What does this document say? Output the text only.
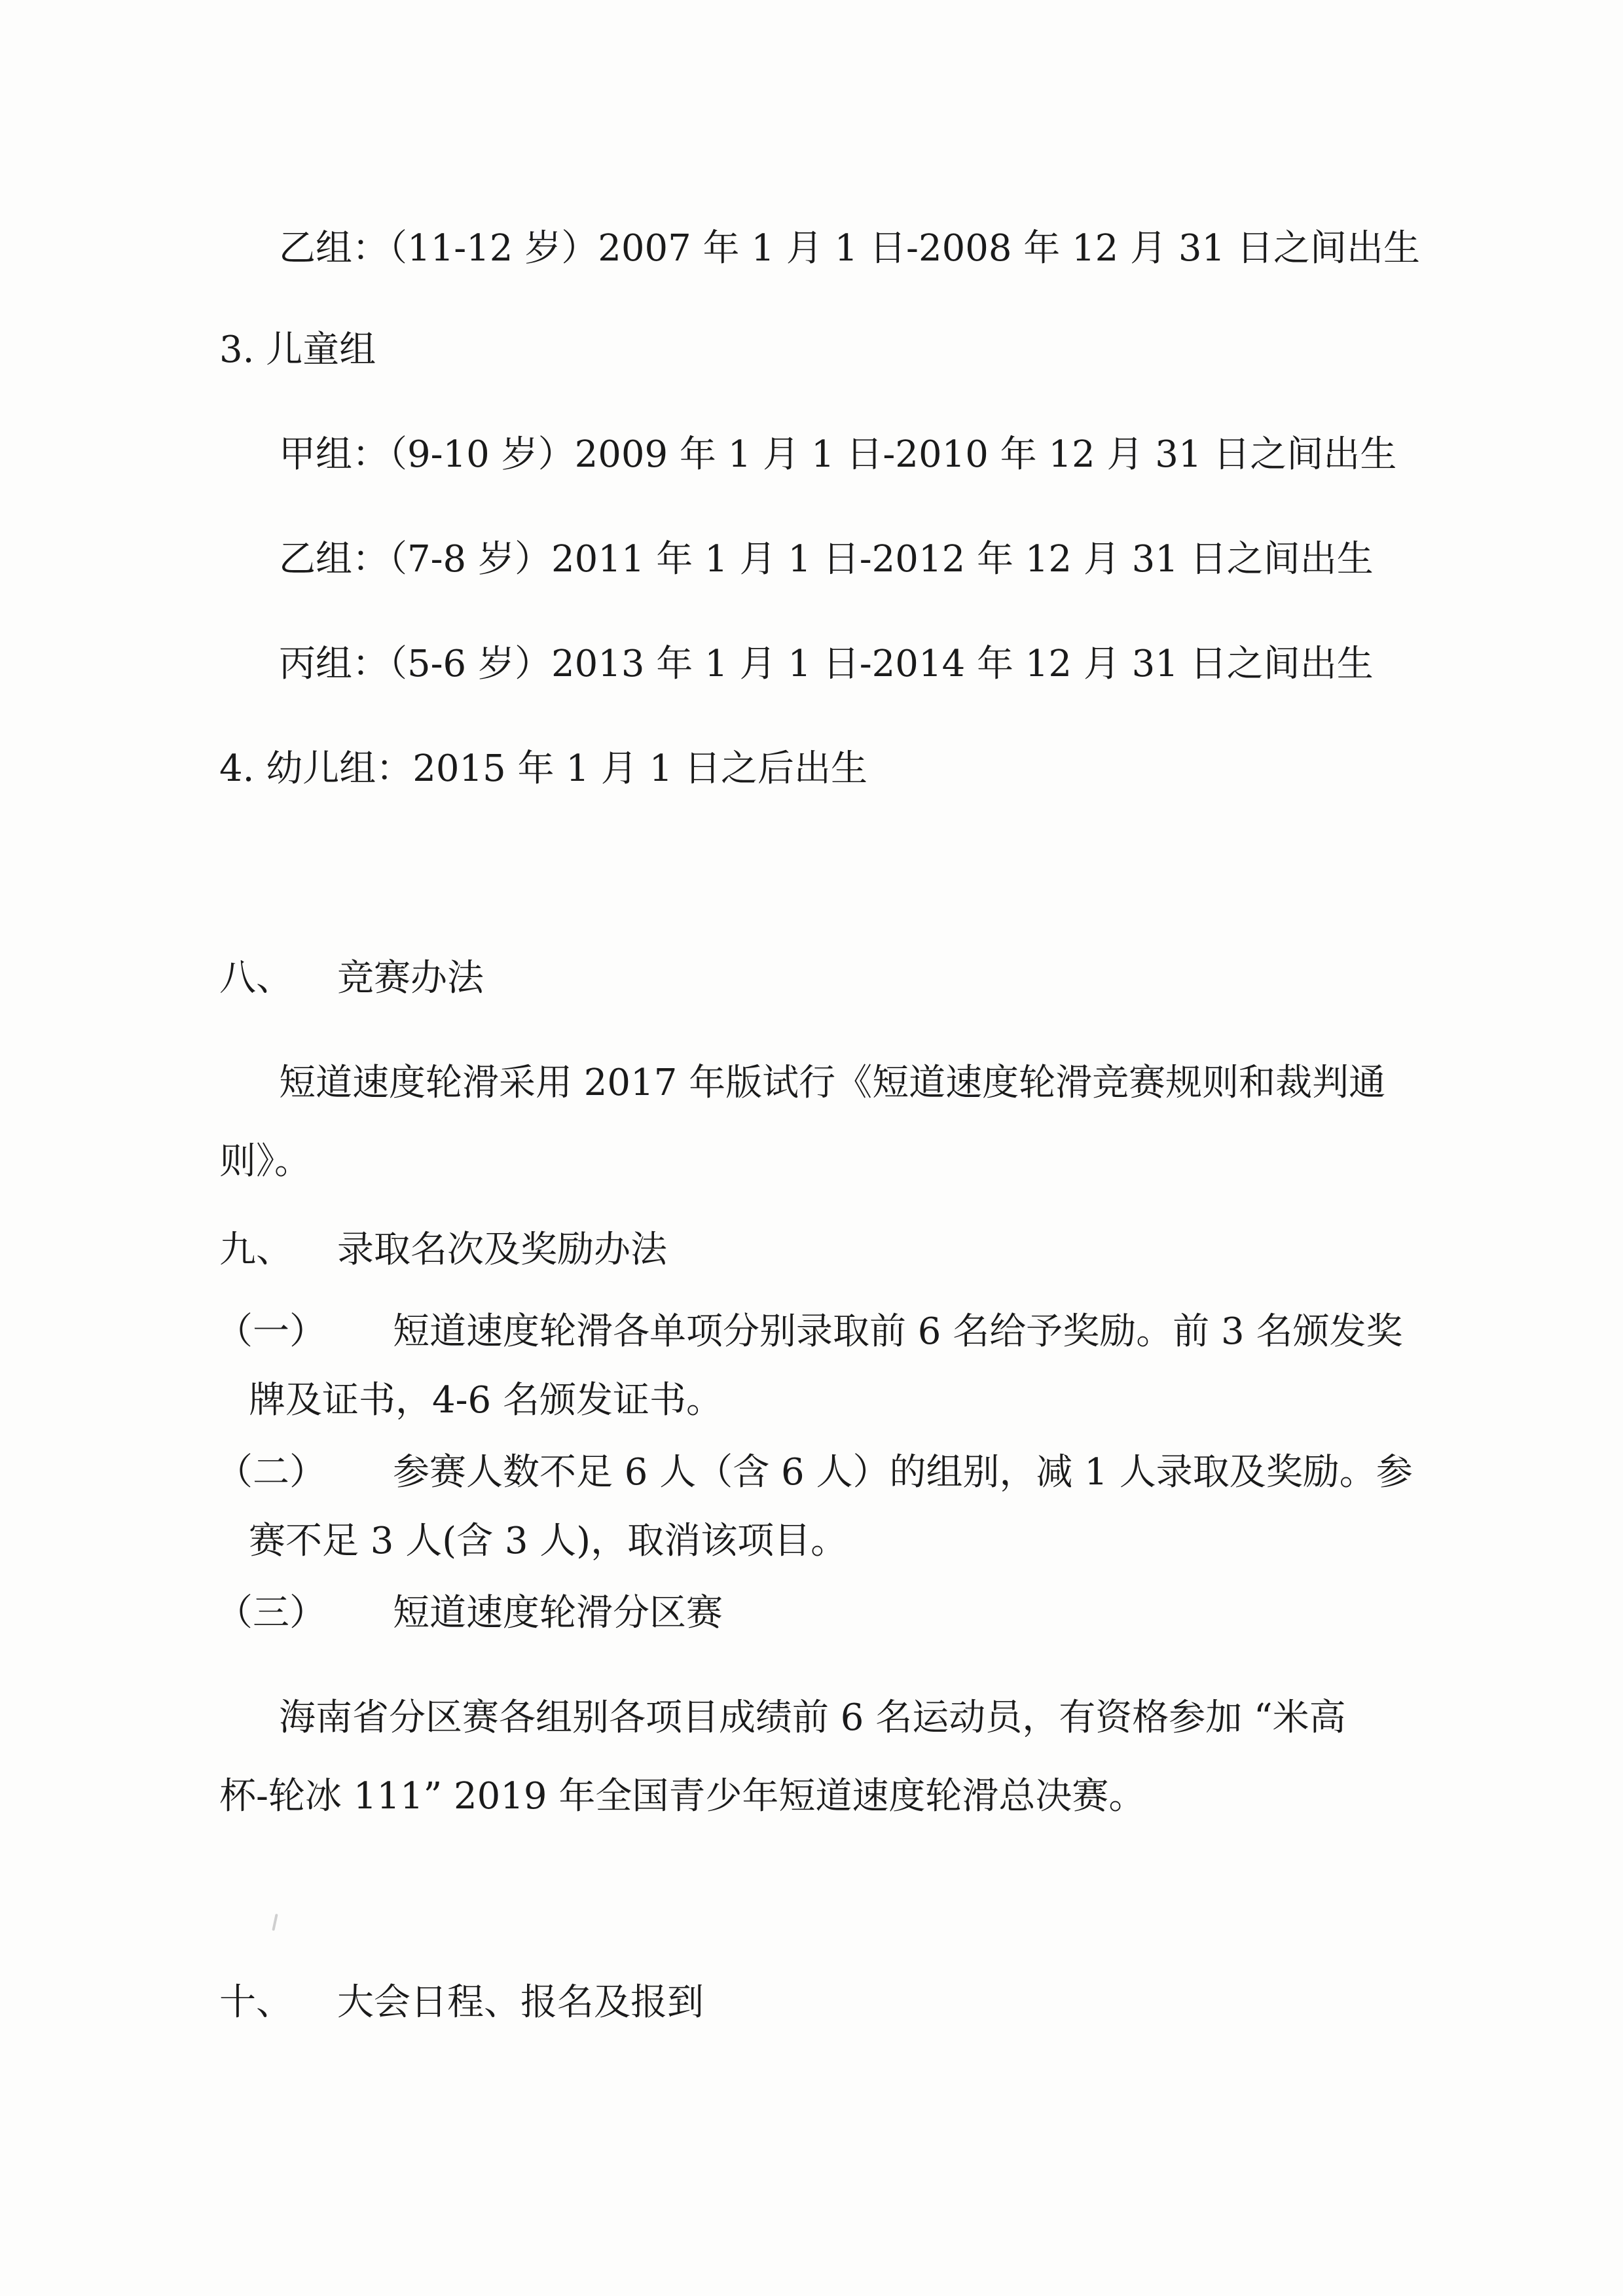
乙组：（11-12 岁）2007 年 1 月 1 日-2008 年 12 月 31 日之间出生
3. 儿童组
甲组：（9-10 岁）2009 年 1 月 1 日-2010 年 12 月 31 日之间出生
乙组：（7-8 岁）2011 年 1 月 1 日-2012 年 12 月 31 日之间出生
丙组：（5-6 岁）2013 年 1 月 1 日-2014 年 12 月 31 日之间出生
4. 幼儿组：2015 年 1 月 1 日之后出生
八、 竞赛办法
短道速度轮滑采用 2017 年版试行《短道速度轮滑竞赛规则和裁判通
则》。
九、 录取名次及奖励办法
（一） 短道速度轮滑各单项分别录取前 6 名给予奖励。前 3 名颁发奖
牌及证书，4-6 名颁发证书。
（二） 参赛人数不足 6 人（含 6 人）的组别，减 1 人录取及奖励。参
赛不足 3 人(含 3 人)，取消该项目。
（三） 短道速度轮滑分区赛
海南省分区赛各组别各项目成绩前 6 名运动员，有资格参加 “米高
杯-轮冰 111” 2019 年全国青少年短道速度轮滑总决赛。
十、 大会日程、报名及报到
